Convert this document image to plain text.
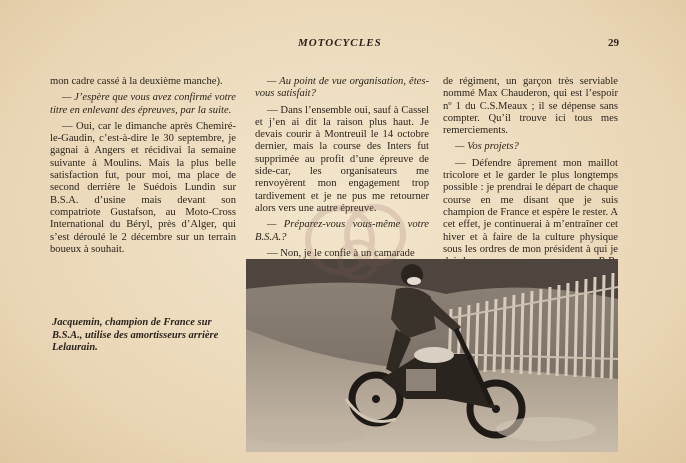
MOTOCYCLES	29

mon cadre cassé à la deuxième manche).

— J’espère que vous avez confirmé votre titre en enlevant des épreuves, par la suite.

— Oui, car le dimanche après Chemiré-le-Gaudin, c’est-à-dire le 30 septembre, je gagnai à Angers et récidivai la semaine suivante à Moulins. Mais la plus belle satisfaction fut, pour moi, ma place de second derrière le Suédois Lundin sur B.S.A. d’usine mais devant son compatriote Gustafson, au Moto-Cross International du Béryl, près d’Alger, qui s’est déroulé le 2 décembre sur un terrain boueux à souhait.

— Au point de vue organisation, êtes-vous satisfait?

— Dans l’ensemble oui, sauf à Cassel et j’en ai dit la raison plus haut. Je devais courir à Montreuil le 14 octobre dernier, mais la course des Inters fut supprimée au profit d’une épreuve de side-car, les organisateurs me renvoyèrent mon engagement trop tardivement et je ne pus me retourner alors vers une autre épreuve.

— Préparez-vous vous-même votre B.S.A.?

— Non, je le confie à un camarade

de régiment, un garçon très serviable nommé Max Chauderon, qui est l’espoir nº 1 du C.S.Meaux ; il se dépense sans compter. Qu’il trouve ici tous mes remerciements.

— Vos projets?

— Défendre âprement mon maillot tricolore et le garder le plus longtemps possible : je prendrai le départ de chaque course en me disant que je suis champion de France et espère le rester. A cet effet, je continuerai à m’entraîner cet hiver et à faire de la culture physique sous les ordres de mon président à qui je

Jacquemin, champion de France sur B.S.A., utilise des amortisseurs arrière Lelaurain.
